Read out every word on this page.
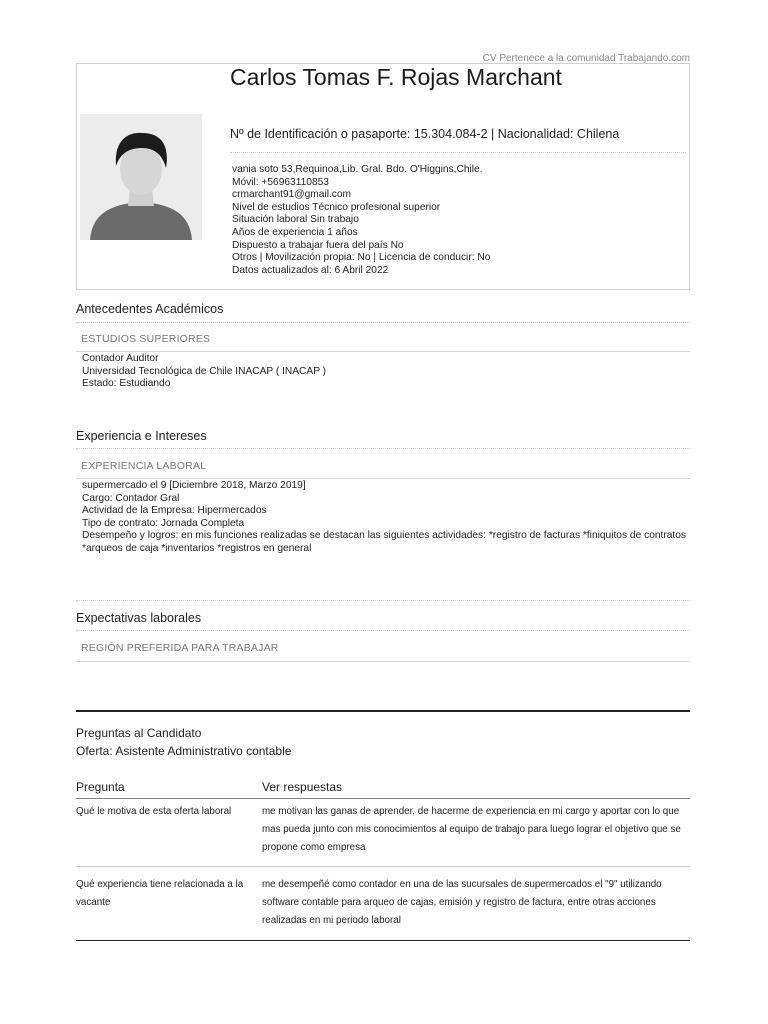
CV Pertenece a la comunidad Trabajando.com
Carlos Tomas F. Rojas Marchant
Nº de Identificación o pasaporte: 15.304.084-2 | Nacionalidad: Chilena
vania soto 53,Requinoa,Lib. Gral. Bdo. O'Higgins,Chile.
Móvil: +56963110853
crmarchant91@gmail.com
Nivel de estudios Técnico profesional superior
Situación laboral Sin trabajo
Años de experiencia 1 años
Dispuesto a trabajar fuera del país No
Otros | Movilización propia: No | Licencia de conducir: No
Datos actualizados al: 6 Abril 2022
Antecedentes Académicos
ESTUDIOS SUPERIORES
Contador Auditor
Universidad Tecnológica de Chile INACAP ( INACAP )
Estado: Estudiando
Experiencia e Intereses
EXPERIENCIA LABORAL
supermercado el 9 [Diciembre 2018, Marzo 2019]
Cargo: Contador Gral
Actividad de la Empresa: Hipermercados
Tipo de contrato: Jornada Completa
Desempeño y logros: en mis funciones realizadas se destacan las siguientes actividades: *registro de facturas *finiquitos de contratos *arqueos de caja *inventarios *registros en general
Expectativas laborales
REGIÓN PREFERIDA PARA TRABAJAR
Preguntas al Candidato
Oferta: Asistente Administrativo contable
Pregunta	Ver respuestas
Qué le motiva de esta oferta laboral	me motivan las ganas de aprender, de hacerme de experiencia en mi cargo y aportar con lo que mas pueda junto con mis conocimientos al equipo de trabajo para luego lograr el objetivo que se propone como empresa
Qué experiencia tiene relacionada a la vacante
me desempeñé como contador en una de las sucursales de supermercados el "9" utilizando software contable para arqueo de cajas, emisión y registro de factura, entre otras acciones realizadas en mi periodo laboral
